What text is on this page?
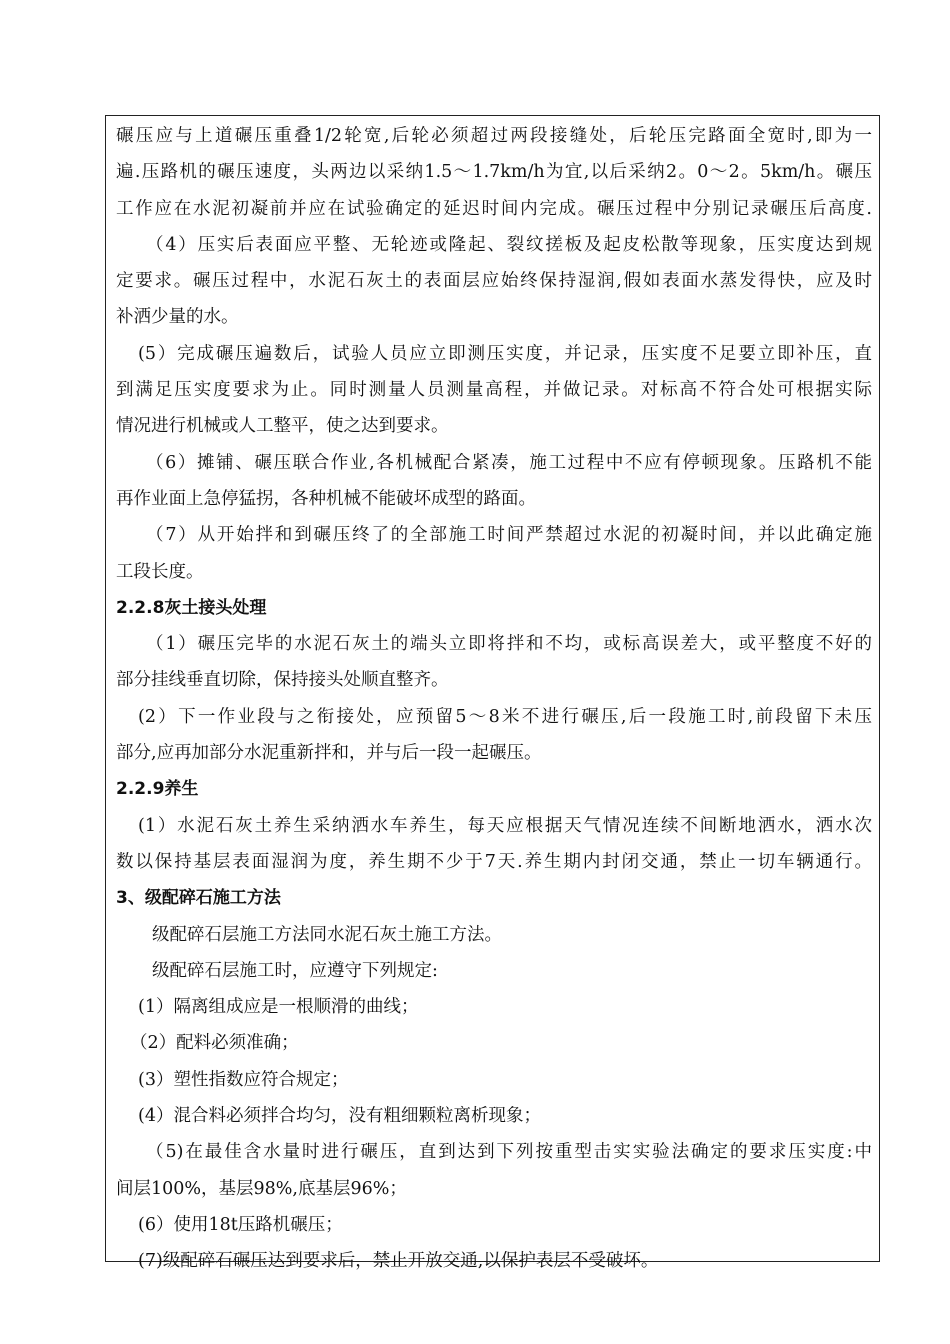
碾压应与上道碾压重叠1/2轮宽,后轮必须超过两段接缝处，后轮压完路面全宽时,即为一
遍.压路机的碾压速度，头两边以采纳1.5～1.7km/h为宜,以后采纳2。0～2。5km/h。碾压
工作应在水泥初凝前并应在试验确定的延迟时间内完成。碾压过程中分别记录碾压后高度.
（4）压实后表面应平整、无轮迹或隆起、裂纹搓板及起皮松散等现象，压实度达到规
定要求。碾压过程中，水泥石灰土的表面层应始终保持湿润,假如表面水蒸发得快，应及时
补洒少量的水。
(5）完成碾压遍数后，试验人员应立即测压实度，并记录，压实度不足要立即补压，直
到满足压实度要求为止。同时测量人员测量高程，并做记录。对标高不符合处可根据实际
情况进行机械或人工整平，使之达到要求。
（6）摊铺、碾压联合作业,各机械配合紧凑，施工过程中不应有停顿现象。压路机不能
再作业面上急停猛拐，各种机械不能破坏成型的路面。
（7）从开始拌和到碾压终了的全部施工时间严禁超过水泥的初凝时间，并以此确定施
工段长度。
2.2.8灰土接头处理
（1）碾压完毕的水泥石灰土的端头立即将拌和不均，或标高误差大，或平整度不好的
部分挂线垂直切除，保持接头处顺直整齐。
(2）下一作业段与之衔接处，应预留5～8米不进行碾压,后一段施工时,前段留下未压
部分,应再加部分水泥重新拌和，并与后一段一起碾压。
2.2.9养生
(1）水泥石灰土养生采纳洒水车养生，每天应根据天气情况连续不间断地洒水，洒水次
数以保持基层表面湿润为度，养生期不少于7天.养生期内封闭交通，禁止一切车辆通行。
3、级配碎石施工方法
级配碎石层施工方法同水泥石灰土施工方法。
级配碎石层施工时，应遵守下列规定:
(1）隔离组成应是一根顺滑的曲线；
（2）配料必须准确；
(3）塑性指数应符合规定；
(4）混合料必须拌合均匀，没有粗细颗粒离析现象；
（5)在最佳含水量时进行碾压，直到达到下列按重型击实实验法确定的要求压实度:中
间层100%，基层98%,底基层96%；
(6）使用18t压路机碾压；
(7)级配碎石碾压达到要求后，禁止开放交通,以保护表层不受破坏。
